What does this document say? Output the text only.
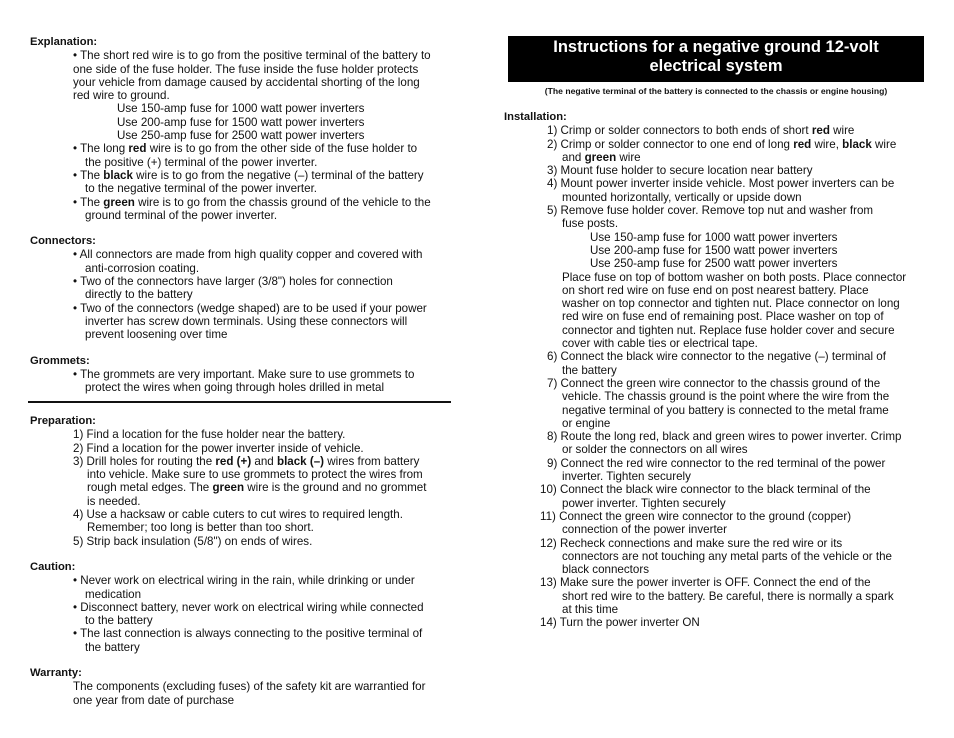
Explanation:
• The short red wire is to go from the positive terminal of the battery to
one side of the fuse holder. The fuse inside the fuse holder protects
your vehicle from damage caused by accidental shorting of the long
red wire to ground.
Use 150-amp fuse for 1000 watt power inverters
Use 200-amp fuse for 1500 watt power inverters
Use 250-amp fuse for 2500 watt power inverters
• The long red wire is to go from the other side of the fuse holder to
the positive (+) terminal of the power inverter.
• The black wire is to go from the negative (–) terminal of the battery
to the negative terminal of the power inverter.
• The green wire is to go from the chassis ground of the vehicle to the
ground terminal of the power inverter.
Connectors:
• All connectors are made from high quality copper and covered with
anti-corrosion coating.
• Two of the connectors have larger (3/8") holes for connection
directly to the battery
• Two of the connectors (wedge shaped) are to be used if your power
inverter has screw down terminals. Using these connectors will
prevent loosening over time
Grommets:
• The grommets are very important. Make sure to use grommets to
protect the wires when going through holes drilled in metal
Preparation:
1) Find a location for the fuse holder near the battery.
2) Find a location for the power inverter inside of vehicle.
3) Drill holes for routing the red (+) and black (–) wires from battery
into vehicle. Make sure to use grommets to protect the wires from
rough metal edges. The green wire is the ground and no grommet
is needed.
4) Use a hacksaw or cable cuters to cut wires to required length.
Remember; too long is better than too short.
5) Strip back insulation (5/8") on ends of wires.
Caution:
• Never work on electrical wiring in the rain, while drinking or under
medication
• Disconnect battery, never work on electrical wiring while connected
to the battery
• The last connection is always connecting to the positive terminal of
the battery
Warranty:
The components (excluding fuses) of the safety kit are warrantied for
one year from date of purchase
Instructions for a negative ground 12-volt
electrical system
(The negative terminal of the battery is connected to the chassis or engine housing)
Installation:
1) Crimp or solder connectors to both ends of short red wire
2) Crimp or solder connector to one end of long red wire, black wire
and green wire
3) Mount fuse holder to secure location near battery
4) Mount power inverter inside vehicle. Most power inverters can be
mounted horizontally, vertically or upside down
5) Remove fuse holder cover. Remove top nut and washer from
fuse posts.
Use 150-amp fuse for 1000 watt power inverters
Use 200-amp fuse for 1500 watt power inverters
Use 250-amp fuse for 2500 watt power inverters
Place fuse on top of bottom washer on both posts. Place connector
on short red wire on fuse end on post nearest battery. Place
washer on top connector and tighten nut. Place connector on long
red wire on fuse end of remaining post. Place washer on top of
connector and tighten nut. Replace fuse holder cover and secure
cover with cable ties or electrical tape.
6) Connect the black wire connector to the negative (–) terminal of
the battery
7) Connect the green wire connector to the chassis ground of the
vehicle. The chassis ground is the point where the wire from the
negative terminal of you battery is connected to the metal frame
or engine
8) Route the long red, black and green wires to power inverter. Crimp
or solder the connectors on all wires
9) Connect the red wire connector to the red terminal of the power
inverter. Tighten securely
10) Connect the black wire connector to the black terminal of the
power inverter. Tighten securely
11) Connect the green wire connector to the ground (copper)
connection of the power inverter
12) Recheck connections and make sure the red wire or its
connectors are not touching any metal parts of the vehicle or the
black connectors
13) Make sure the power inverter is OFF. Connect the end of the
short red wire to the battery. Be careful, there is normally a spark
at this time
14) Turn the power inverter ON
